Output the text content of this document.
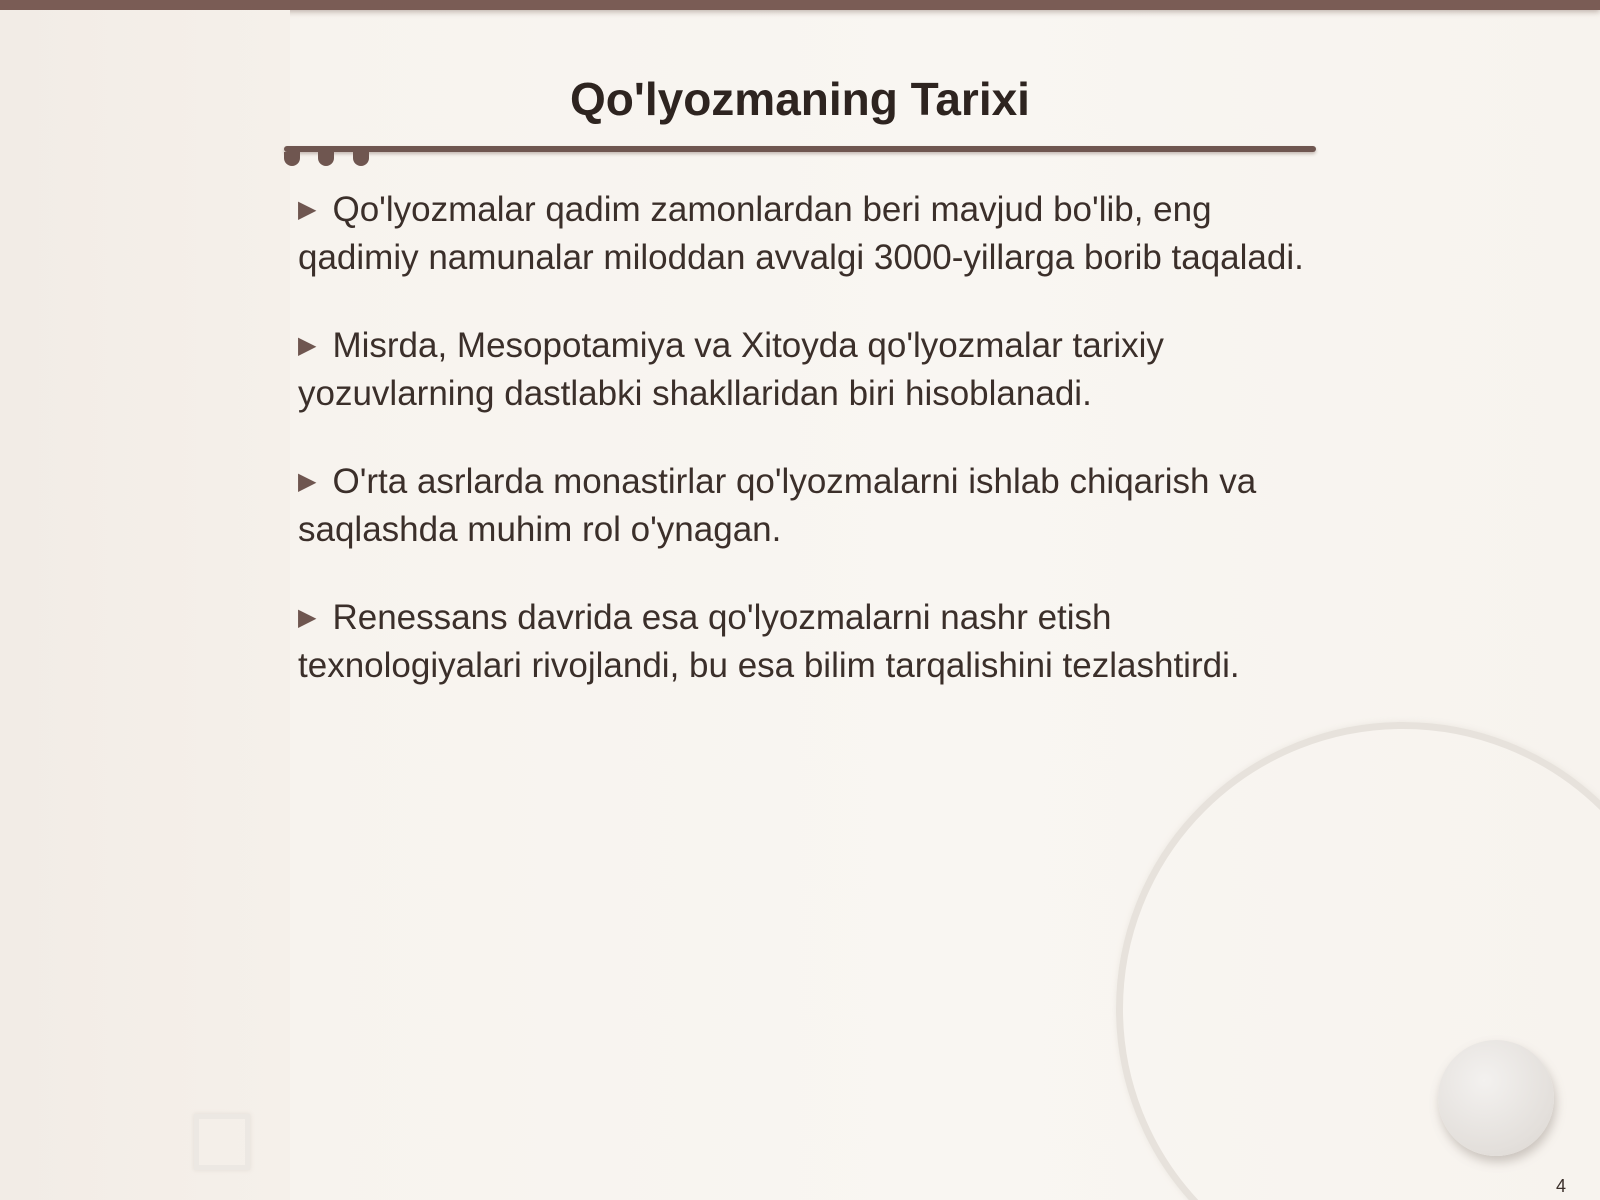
Qo'lyozmaning Tarixi

▶ Qo'lyozmalar qadim zamonlardan beri mavjud bo'lib, eng qadimiy namunalar miloddan avvalgi 3000-yillarga borib taqaladi.

▶ Misrda, Mesopotamiya va Xitoyda qo'lyozmalar tarixiy yozuvlarning dastlabki shakllaridan biri hisoblanadi.

▶ O'rta asrlarda monastirlar qo'lyozmalarni ishlab chiqarish va saqlashda muhim rol o'ynagan.

▶ Renessans davrida esa qo'lyozmalarni nashr etish texnologiyalari rivojlandi, bu esa bilim tarqalishini tezlashtirdi.

4
